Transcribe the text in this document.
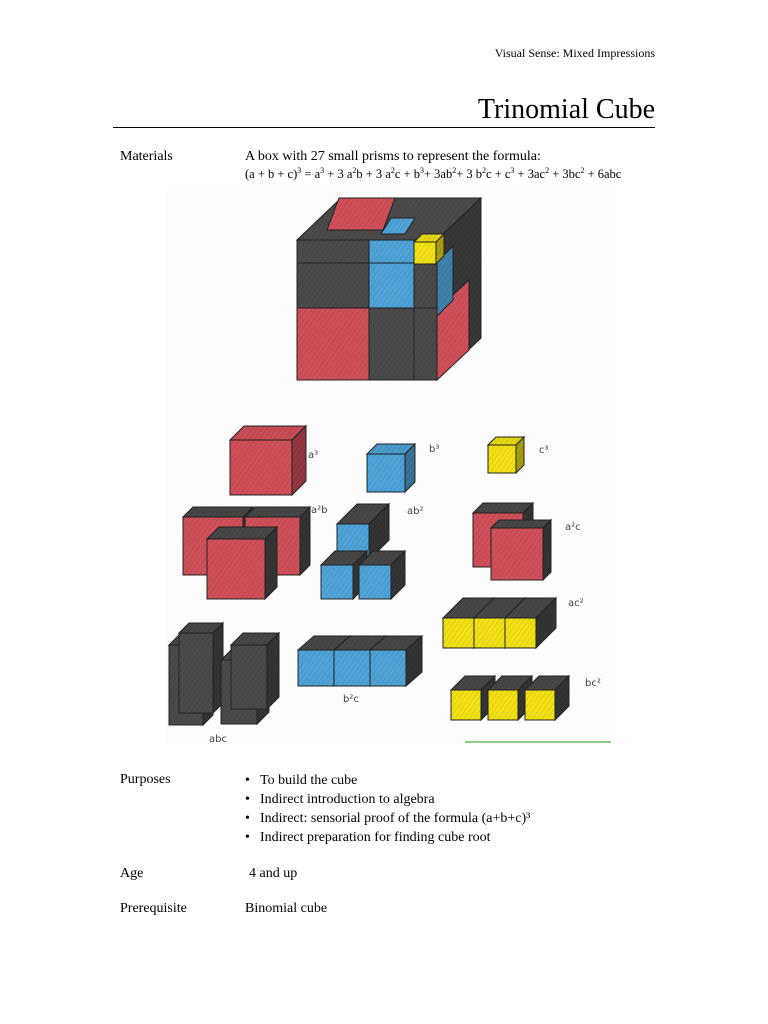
Visual Sense: Mixed Impressions
Trinomial Cube
Materials	A box with 27 small prisms to represent the formula:
$(a + b + c)^3 = a^3 + 3$ $a^2b + 3$ $a^2c + b^3+ 3ab^2+ 3$ $b^2c + c^3 + 3ac^2 + 3bc^2 + 6abc$
a³
b³	c³
a²b	ab²
a²c
abc
b²c
ac²
bc²
Purposes
•	To build the cube
• Indirect introduction to algebra
• Indirect: sensorial proof of the formula (a+b+c)³
• Indirect preparation for finding cube root
Age	4 and up
Prerequisite	Binomial cube
